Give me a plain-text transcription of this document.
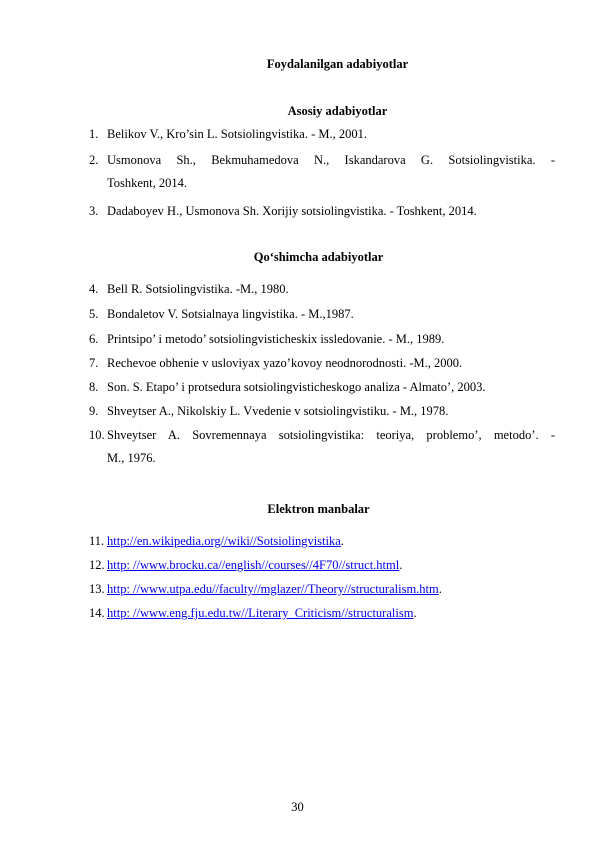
Foydalanilgan adabiyotlar
Asosiy adabiyotlar
1. Belikov V., Kro’sin L. Sotsiolingvistika. - M., 2001.
2. Usmonova Sh., Bekmuhamedova N., Iskandarova G. Sotsiolingvistika. -
Toshkent, 2014.
3. Dadaboyev H., Usmonova Sh. Xorijiy sotsiolingvistika. - Toshkent, 2014.
Qo‘shimcha adabiyotlar
4. Bell R. Sotsiolingvistika. -M., 1980.
5. Bondaletov V. Sotsialnaya lingvistika. - M.,1987.
6. Printsipo’ i metodo’ sotsiolingvisticheskix issledovanie. - M., 1989.
7. Rechevoe obhenie v usloviyax yazo’kovoy neodnorodnosti. -M., 2000.
8. Son. S. Etapo’ i protsedura sotsiolingvisticheskogo analiza - Almato’, 2003.
9. Shveytser A., Nikolskiy L. Vvedenie v sotsiolingvistiku. - M., 1978.
10. Shveytser A. Sovremennaya sotsiolingvistika: teoriya, problemo’, metodo’. -
M., 1976.
Elektron manbalar
11. http://en.wikipedia.org//wiki//Sotsiolingvistika.
12. http: //www.brocku.ca//english//courses//4F70//struct.html.
13. http: //www.utpa.edu//faculty//mglazer//Theory//structuralism.htm.
14. http: //www.eng.fju.edu.tw//Literary_Criticism//structuralism.
30
